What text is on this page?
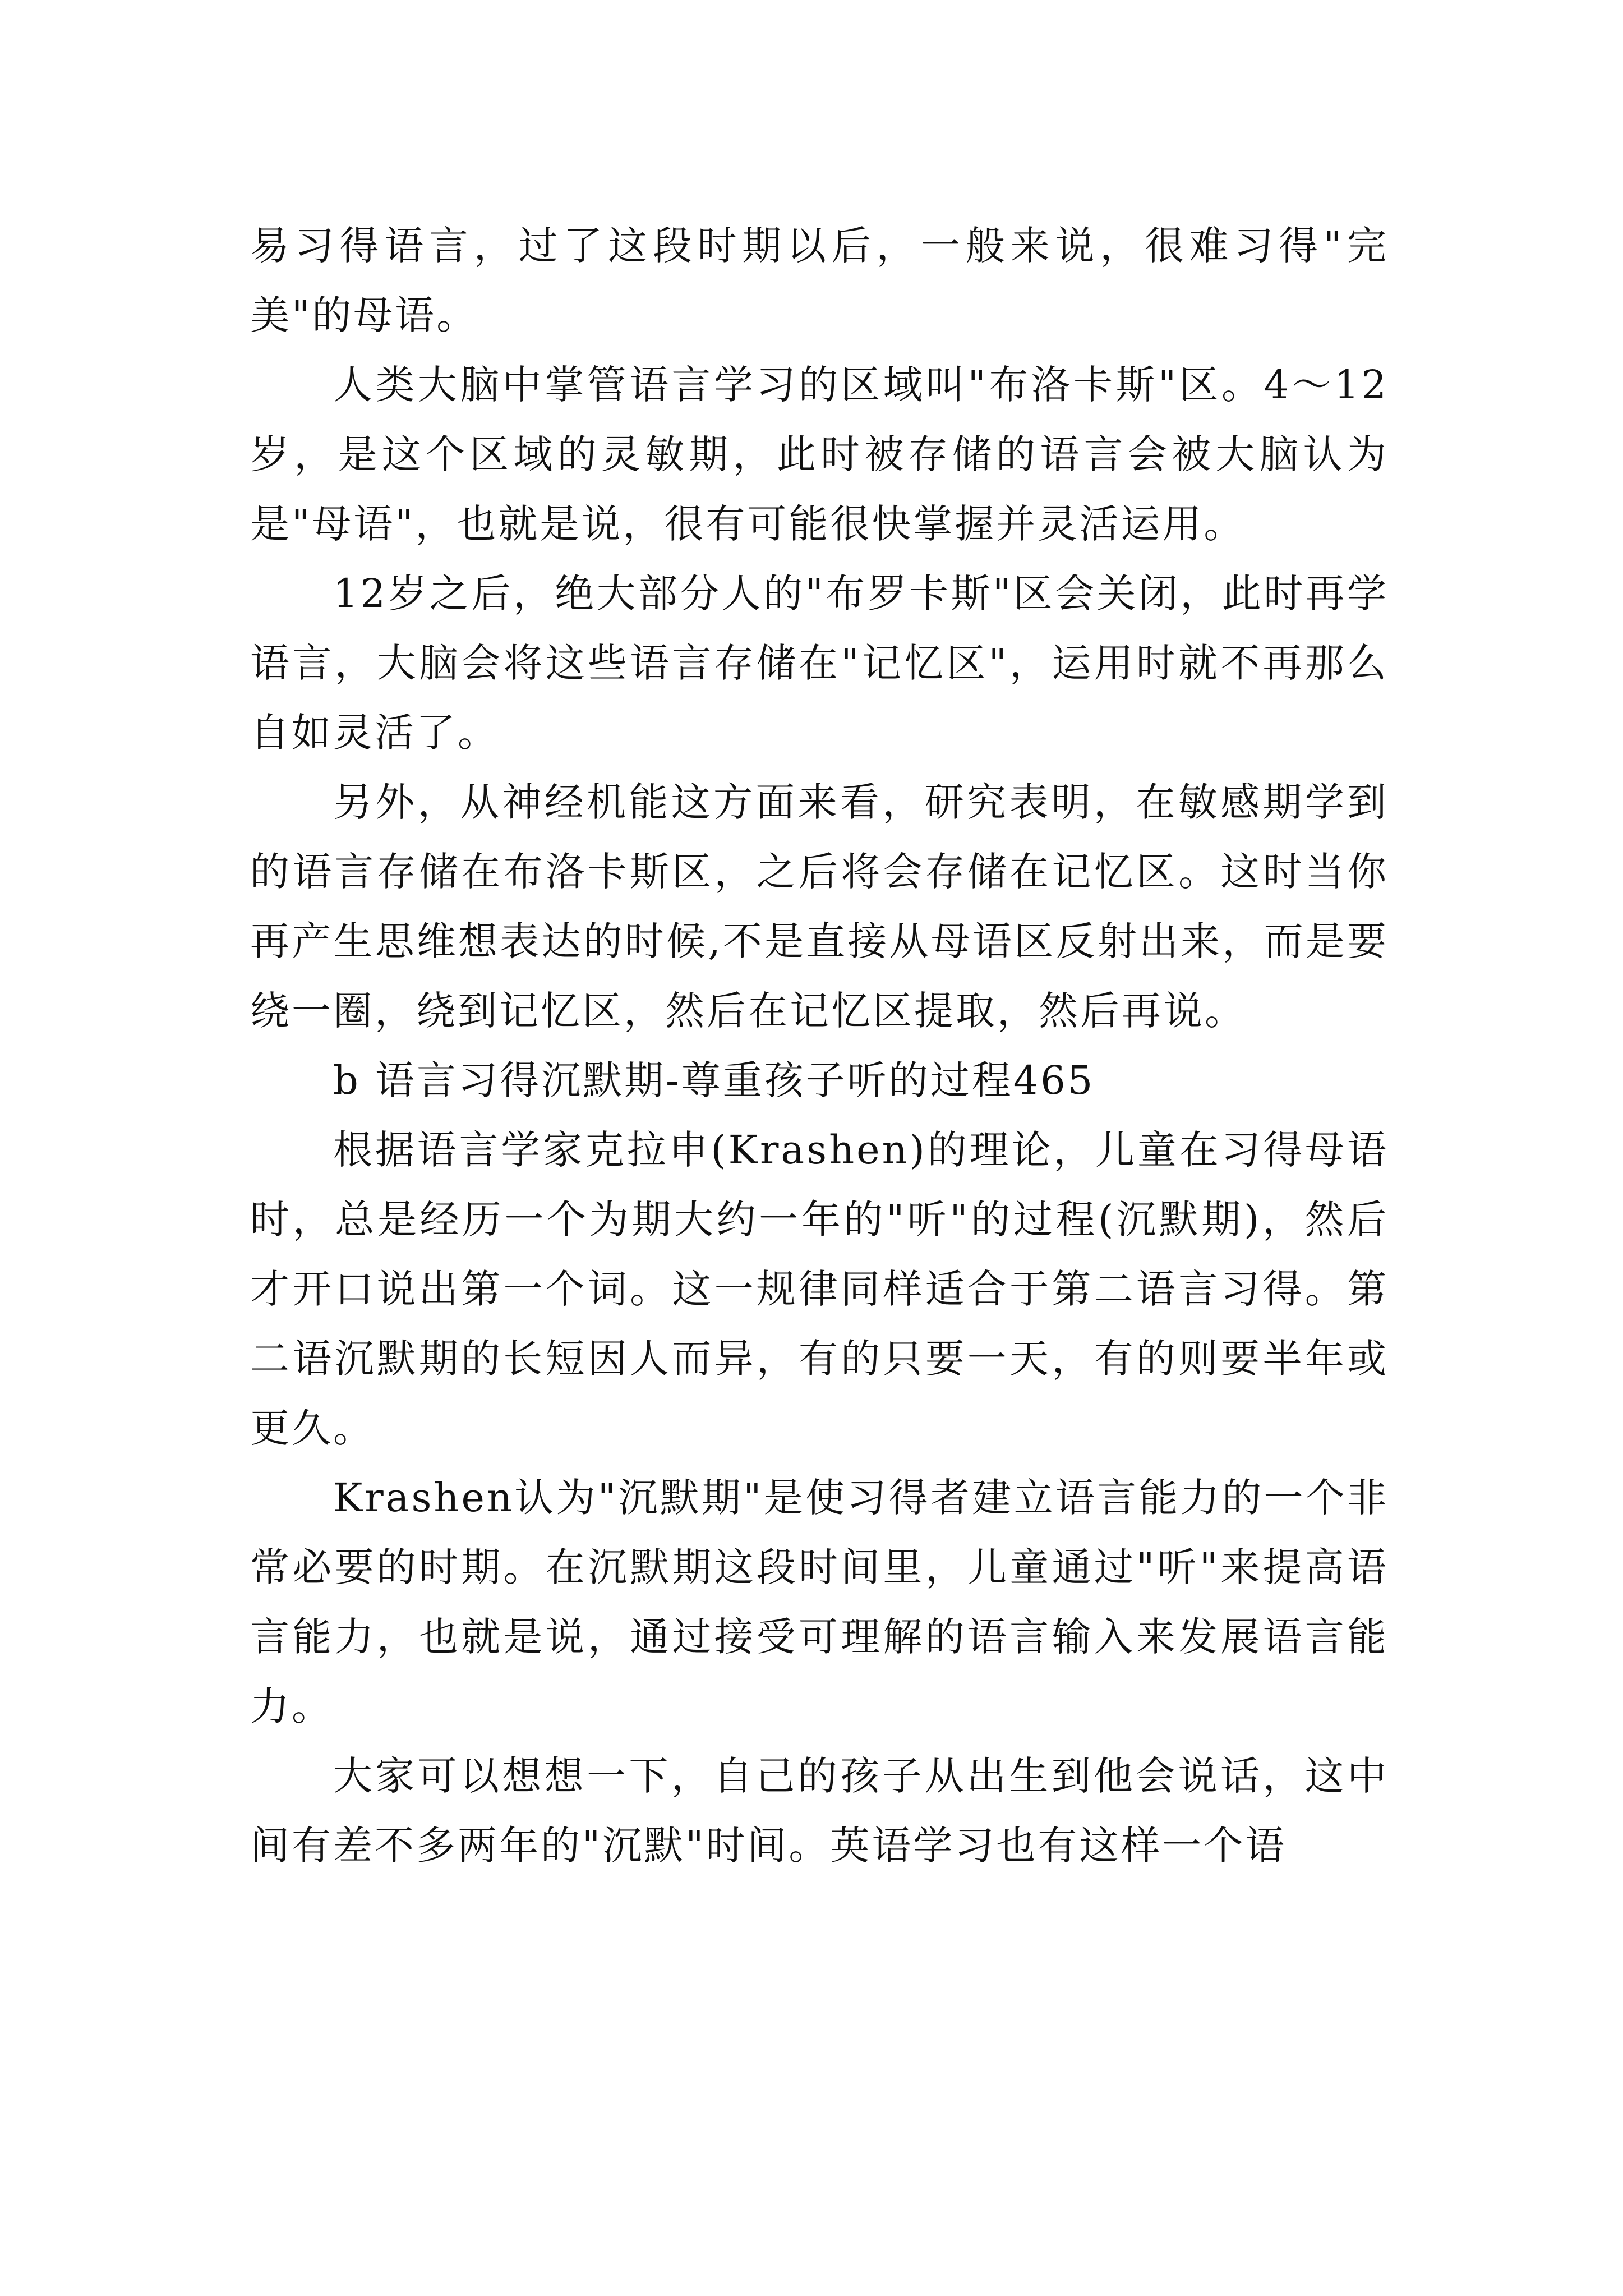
易习得语言，过了这段时期以后，一般来说，很难习得"完美"的母语。

人类大脑中掌管语言学习的区域叫"布洛卡斯"区。4～12岁，是这个区域的灵敏期，此时被存储的语言会被大脑认为是"母语"，也就是说，很有可能很快掌握并灵活运用。

12岁之后，绝大部分人的"布罗卡斯"区会关闭，此时再学语言，大脑会将这些语言存储在"记忆区"，运用时就不再那么自如灵活了。

另外，从神经机能这方面来看，研究表明，在敏感期学到的语言存储在布洛卡斯区，之后将会存储在记忆区。这时当你再产生思维想表达的时候,不是直接从母语区反射出来，而是要绕一圈，绕到记忆区，然后在记忆区提取，然后再说。

b 语言习得沉默期-尊重孩子听的过程465

根据语言学家克拉申(Krashen)的理论，儿童在习得母语时，总是经历一个为期大约一年的"听"的过程(沉默期)，然后才开口说出第一个词。这一规律同样适合于第二语言习得。第二语沉默期的长短因人而异，有的只要一天，有的则要半年或更久。

Krashen认为"沉默期"是使习得者建立语言能力的一个非常必要的时期。在沉默期这段时间里，儿童通过"听"来提高语言能力，也就是说，通过接受可理解的语言输入来发展语言能力。

大家可以想想一下，自己的孩子从出生到他会说话，这中间有差不多两年的"沉默"时间。英语学习也有这样一个语
